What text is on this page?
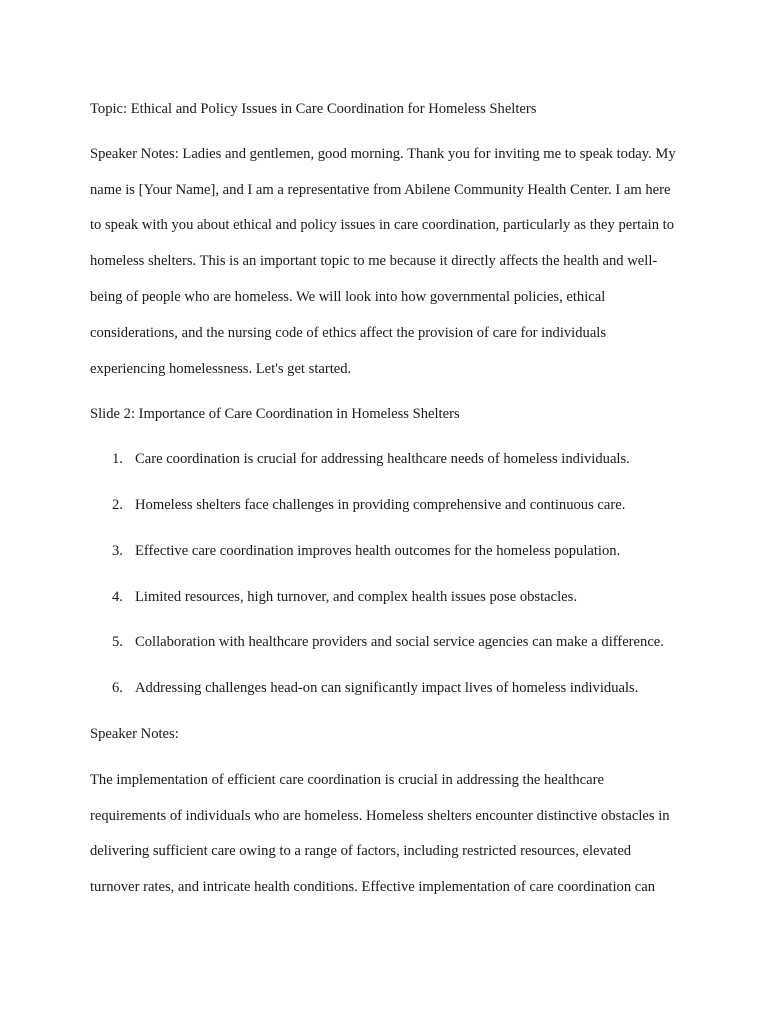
Topic: Ethical and Policy Issues in Care Coordination for Homeless Shelters

Speaker Notes: Ladies and gentlemen, good morning. Thank you for inviting me to speak today. My name is [Your Name], and I am a representative from Abilene Community Health Center. I am here to speak with you about ethical and policy issues in care coordination, particularly as they pertain to homeless shelters. This is an important topic to me because it directly affects the health and well-being of people who are homeless. We will look into how governmental policies, ethical considerations, and the nursing code of ethics affect the provision of care for individuals experiencing homelessness. Let's get started.

Slide 2: Importance of Care Coordination in Homeless Shelters

1. Care coordination is crucial for addressing healthcare needs of homeless individuals.
2. Homeless shelters face challenges in providing comprehensive and continuous care.
3. Effective care coordination improves health outcomes for the homeless population.
4. Limited resources, high turnover, and complex health issues pose obstacles.
5. Collaboration with healthcare providers and social service agencies can make a difference.
6. Addressing challenges head-on can significantly impact lives of homeless individuals.

Speaker Notes:

The implementation of efficient care coordination is crucial in addressing the healthcare requirements of individuals who are homeless. Homeless shelters encounter distinctive obstacles in delivering sufficient care owing to a range of factors, including restricted resources, elevated turnover rates, and intricate health conditions. Effective implementation of care coordination can
